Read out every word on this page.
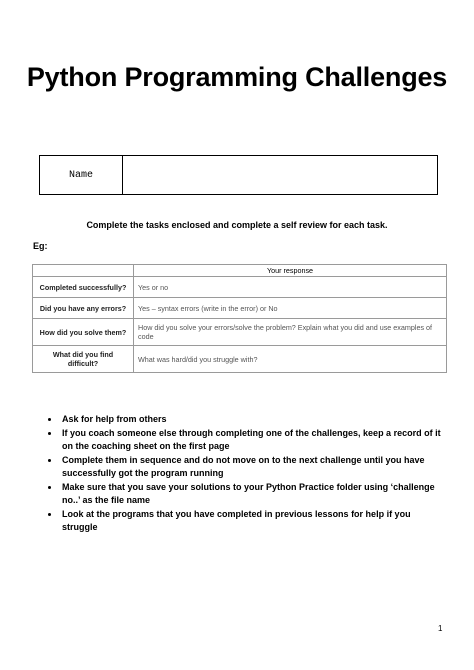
Python Programming Challenges
Name
Complete the tasks enclosed and complete a self review for each task.
Eg:
	Your response
Completed successfully?	Yes or no
Did you have any errors?	Yes – syntax errors (write in the error) or No
How did you solve them?	How did you solve your errors/solve the problem? Explain what you did and use examples of code
What did you find difficult?	What was hard/did you struggle with?
• Ask for help from others
• If you coach someone else through completing one of the challenges, keep a record of it on the coaching sheet on the first page
• Complete them in sequence and do not move on to the next challenge until you have successfully got the program running
• Make sure that you save your solutions to your Python Practice folder using ‘challenge no..’ as the file name
• Look at the programs that you have completed in previous lessons for help if you struggle
1
